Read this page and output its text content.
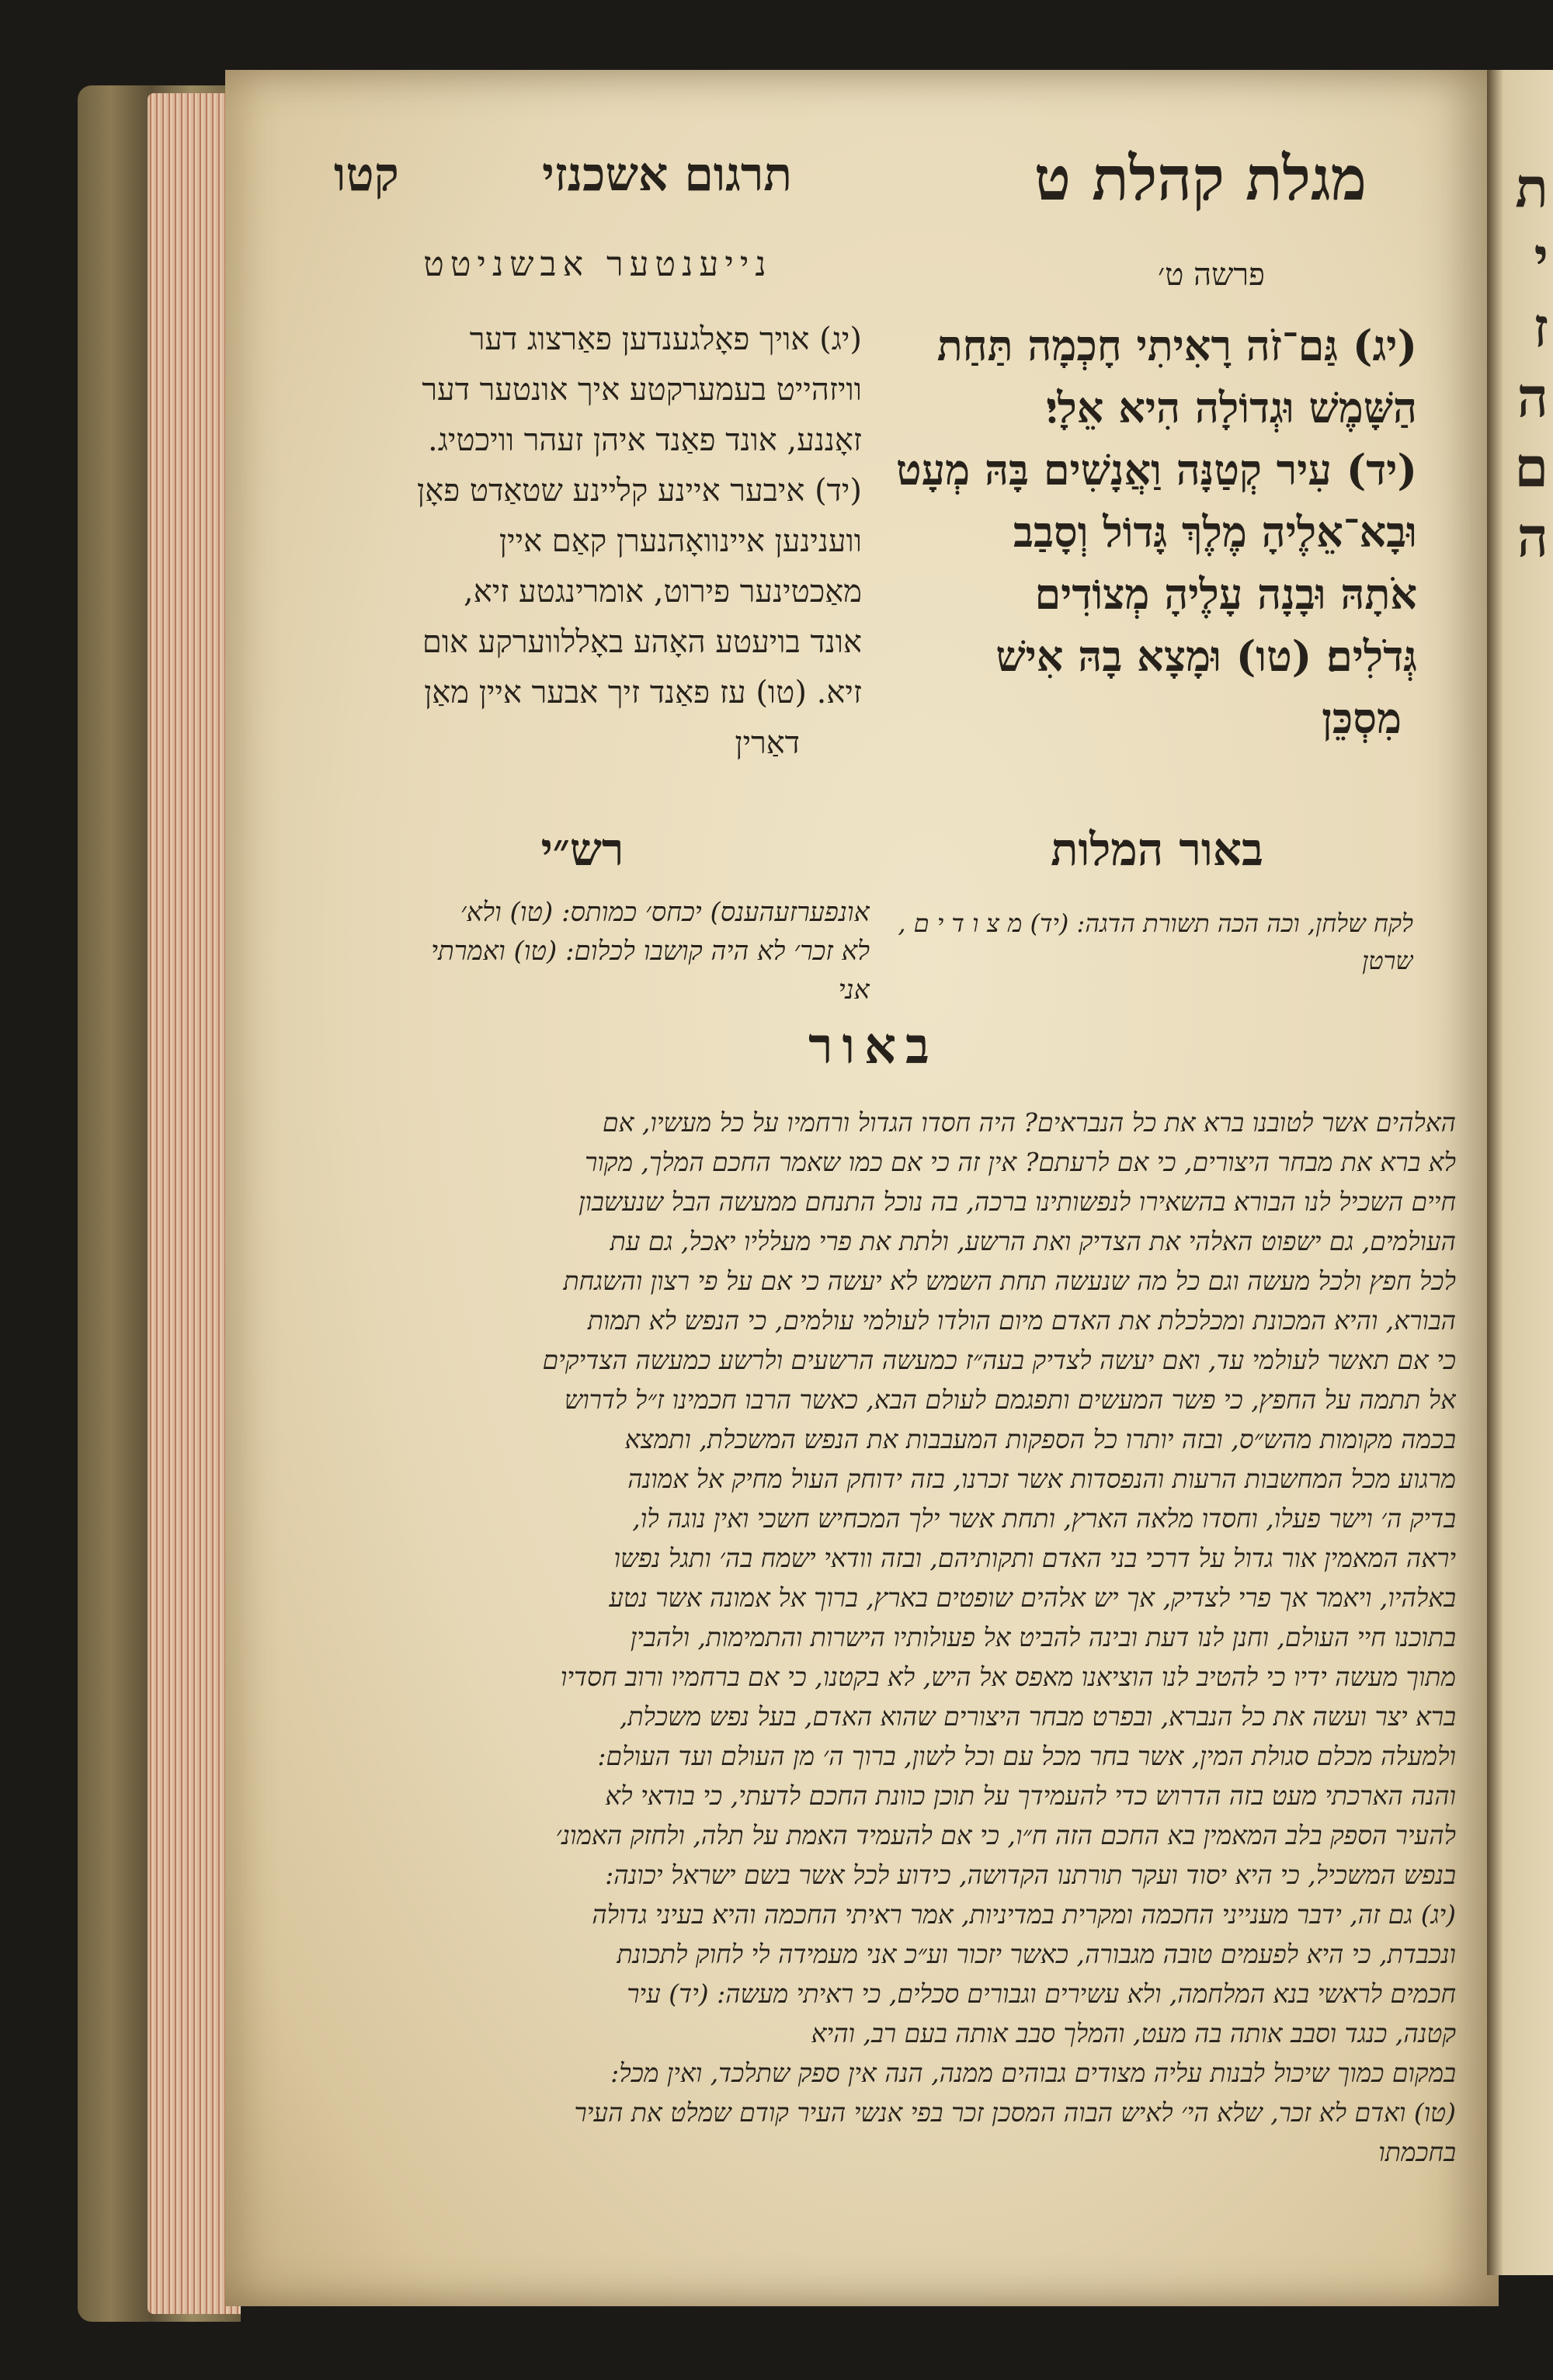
ת
י
ז
ה
ם
ה
תרגום אשכנזי
קטו	מגלת קהלת ט
נייענטער אבשניטט	פרשה ט׳
(יג) אויך פאָלגענדען פאַרצוג דער
וויזהייט בעמערקטע איך אונטער דער
זאָננע, אונד פאַנד איהן זעהר וויכטיג.
(יד) איבער איינע קליינע שטאַדט פאָן
ווענינען איינוואָהנערן קאַם איין
מאַכטינער פירוט, אומרינגטע זיא,
אונד בויעטע האָהע באָללווערקע אום
זיא. (טו) עז פאַנד זיך אבער איין מאַן
דאַרין
(יג) גַּם־זֹה רָאִיתִי חָכְמָה תַּחַת
הַשָּׁמֶשׁ וּגְדוֹלָה הִיא אֵלָי׃
(יד) עִיר קְטַנָּה וַאֲנָשִׁים בָּהּ מְעָט
וּבָא־אֵלֶיהָ מֶלֶךְ גָּדוֹל וְסָבַב
אֹתָהּ וּבָנָה עָלֶיהָ מְצוֹדִים
גְּדֹלִים׃ (טו) וּמָצָא בָהּ אִישׁ
מִסְכֵּן
רש״י	באור המלות
אונפערזעהענס) יכחס׳ כמותס: (טו) ולא׳
לא זכר׳ לא היה קושבו לכלום: (טו) ואמרתי
אני
לקח שלחן, וכה הכה תשורת הדגה: (יד) מ צ ו ד י ם ,
שרטן
באור
האלהים אשר לטובנו ברא את כל הנבראים? היה חסדו הגדול ורחמיו על כל מעשיו, אם
לא ברא את מבחר היצורים, כי אם לרעתם? אין זה כי אם כמו שאמר החכם המלך, מקור
חיים השכיל לנו הבורא בהשאירו לנפשותינו ברכה, בה נוכל התנחם ממעשה הבל שנעשבון
העולמים, גם ישפוט האלהי את הצדיק ואת הרשע, ולתת את פרי מעלליו יאכל, גם עת
לכל חפץ ולכל מעשה וגם כל מה שנעשה תחת השמש לא יעשה כי אם על פי רצון והשגחת
הבורא, והיא המכונת ומכלכלת את האדם מיום הולדו לעולמי עולמים, כי הנפש לא תמות
כי אם תאשר לעולמי עד, ואם יעשה לצדיק בעה״ז כמעשה הרשעים ולרשע כמעשה הצדיקים
אל תתמה על החפץ, כי פשר המעשים ותפגמם לעולם הבא, כאשר הרבו חכמינו ז״ל לדרוש
בכמה מקומות מהש״ס, ובזה יותרו כל הספקות המעבבות את הנפש המשכלת, ותמצא
מרגוע מכל המחשבות הרעות והנפסדות אשר זכרנו, בזה ידוחק העול מחיק אל אמונה
בדיק ה׳ וישר פעלו, וחסדו מלאה הארץ, ותחת אשר ילך המכחיש חשכי ואין נוגה לו,
יראה המאמין אור גדול על דרכי בני האדם ותקותיהם, ובזה וודאי ישמח בה׳ ותגל נפשו
באלהיו, ויאמר אך פרי לצדיק, אך יש אלהים שופטים בארץ, ברוך אל אמונה אשר נטע
בתוכנו חיי העולם, וחנן לנו דעת ובינה להביט אל פעולותיו הישרות והתמימות, ולהבין
מתוך מעשה ידיו כי להטיב לנו הוציאנו מאפס אל היש, לא בקטנו, כי אם ברחמיו ורוב חסדיו
ברא יצר ועשה את כל הנברא, ובפרט מבחר היצורים שהוא האדם, בעל נפש משכלת,
ולמעלה מכלם סגולת המין, אשר בחר מכל עם וכל לשון, ברוך ה׳ מן העולם ועד העולם:
והנה הארכתי מעט בזה הדרוש כדי להעמידך על תוכן כוונת החכם לדעתי, כי בודאי לא
להעיר הספק בלב המאמין בא החכם הזה ח״ו, כי אם להעמיד האמת על תלה, ולחזק האמונ׳
בנפש המשכיל, כי היא יסוד ועקר תורתנו הקדושה, כידוע לכל אשר בשם ישראל יכונה:
(יג) גם זה, ידבר מענייני החכמה ומקרית במדיניות, אמר ראיתי החכמה והיא בעיני גדולה
ונכבדת, כי היא לפעמים טובה מגבורה, כאשר יזכור וע״כ אני מעמידה לי לחוק לתכונת
חכמים לראשי בנא המלחמה, ולא עשירים וגבורים סכלים, כי ראיתי מעשה: (יד) עיר
קטנה, כנגד וסבב אותה בה מעט, והמלך סבב אותה בעם רב, והיא
במקום כמוך שיכול לבנות עליה מצודים גבוהים ממנה, הנה אין ספק שתלכד, ואין מכל:
(טו) ואדם לא זכר, שלא הי׳ לאיש הבוה המסכן זכר בפי אנשי העיר קודם שמלט את העיר
בחכמתו
